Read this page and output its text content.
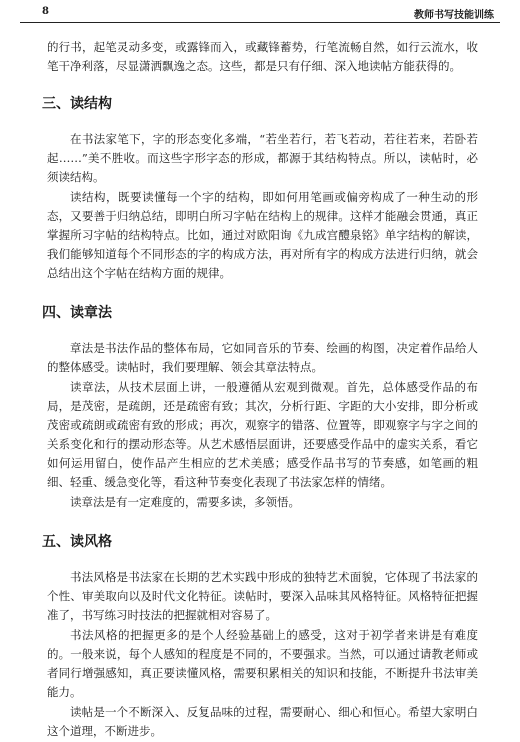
8	教师书写技能训练

的行书，起笔灵动多变，或露锋而入，或藏锋蓄势，行笔流畅自然，如行云流水，收笔干净利落，尽显潇洒飘逸之态。这些，都是只有仔细、深入地读帖方能获得的。

三、读结构

在书法家笔下，字的形态变化多端，“若坐若行，若飞若动，若往若来，若卧若起……”美不胜收。而这些字形字态的形成，都源于其结构特点。所以，读帖时，必须读结构。

读结构，既要读懂每一个字的结构，即如何用笔画或偏旁构成了一种生动的形态，又要善于归纳总结，即明白所习字帖在结构上的规律。这样才能融会贯通，真正掌握所习字帖的结构特点。比如，通过对欧阳询《九成宫醴泉铭》单字结构的解读，我们能够知道每个不同形态的字的构成方法，再对所有字的构成方法进行归纳，就会总结出这个字帖在结构方面的规律。

四、读章法

章法是书法作品的整体布局，它如同音乐的节奏、绘画的构图，决定着作品给人的整体感受。读帖时，我们要理解、领会其章法特点。

读章法，从技术层面上讲，一般遵循从宏观到微观。首先，总体感受作品的布局，是茂密，是疏朗，还是疏密有致；其次，分析行距、字距的大小安排，即分析或茂密或疏朗或疏密有致的形成；再次，观察字的错落、位置等，即观察字与字之间的关系变化和行的摆动形态等。从艺术感悟层面讲，还要感受作品中的虚实关系，看它如何运用留白，使作品产生相应的艺术美感；感受作品书写的节奏感，如笔画的粗细、轻重、缓急变化等，看这种节奏变化表现了书法家怎样的情绪。

读章法是有一定难度的，需要多读，多领悟。

五、读风格

书法风格是书法家在长期的艺术实践中形成的独特艺术面貌，它体现了书法家的个性、审美取向以及时代文化特征。读帖时，要深入品味其风格特征。风格特征把握准了，书写练习时技法的把握就相对容易了。

书法风格的把握更多的是个人经验基础上的感受，这对于初学者来讲是有难度的。一般来说，每个人感知的程度是不同的，不要强求。当然，可以通过请教老师或者同行增强感知，真正要读懂风格，需要积累相关的知识和技能，不断提升书法审美能力。

读帖是一个不断深入、反复品味的过程，需要耐心、细心和恒心。希望大家明白这个道理，不断进步。
